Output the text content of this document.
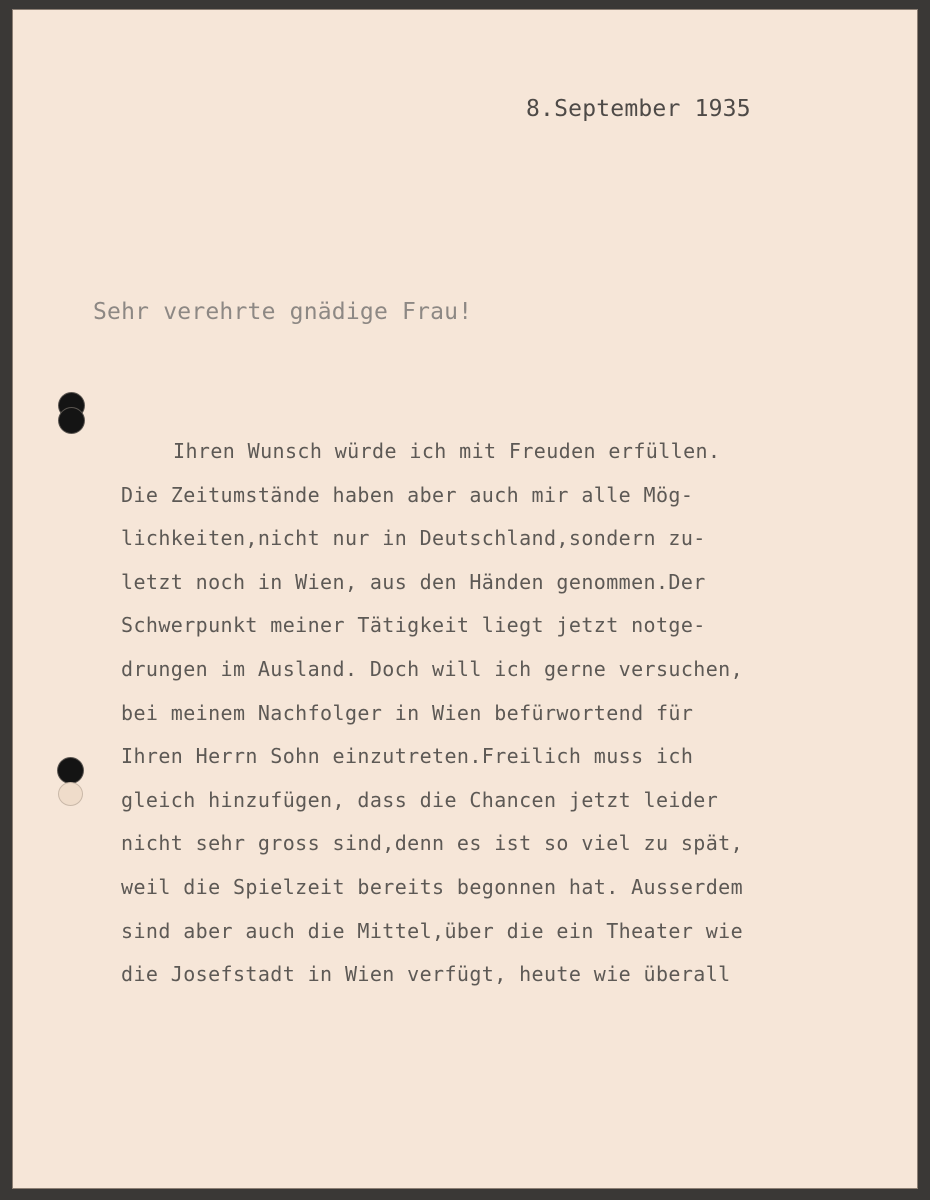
8.September 1935
Sehr verehrte gnädige Frau!
Ihren Wunsch würde ich mit Freuden erfüllen.
Die Zeitumstände haben aber auch mir alle Mög-
lichkeiten,nicht nur in Deutschland,sondern zu-
letzt noch in Wien, aus den Händen genommen.Der
Schwerpunkt meiner Tätigkeit liegt jetzt notge-
drungen im Ausland. Doch will ich gerne versuchen,
bei meinem Nachfolger in Wien befürwortend für
Ihren Herrn Sohn einzutreten.Freilich muss ich
gleich hinzufügen, dass die Chancen jetzt leider
nicht sehr gross sind,denn es ist so viel zu spät,
weil die Spielzeit bereits begonnen hat. Ausserdem
sind aber auch die Mittel,über die ein Theater wie
die Josefstadt in Wien verfügt, heute wie überall
